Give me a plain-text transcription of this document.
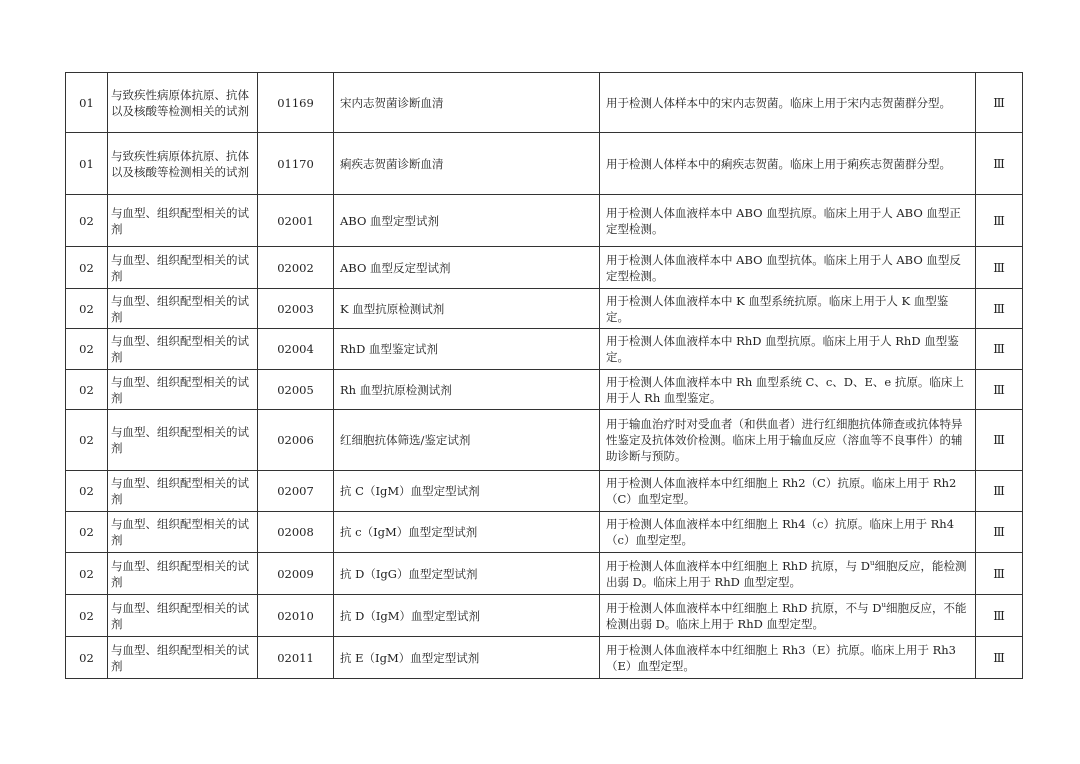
01	与致疾性病原体抗原、抗体以及核酸等检测相关的试剂	01169	宋内志贺菌诊断血清	用于检测人体样本中的宋内志贺菌。临床上用于宋内志贺菌群分型。	Ⅲ
01	与致疾性病原体抗原、抗体以及核酸等检测相关的试剂	01170	痢疾志贺菌诊断血清	用于检测人体样本中的痢疾志贺菌。临床上用于痢疾志贺菌群分型。	Ⅲ
02	与血型、组织配型相关的试剂	02001	ABO 血型定型试剂	用于检测人体血液样本中 ABO 血型抗原。临床上用于人 ABO 血型正定型检测。	Ⅲ
02	与血型、组织配型相关的试剂	02002	ABO 血型反定型试剂	用于检测人体血液样本中 ABO 血型抗体。临床上用于人 ABO 血型反定型检测。	Ⅲ
02	与血型、组织配型相关的试剂	02003	K 血型抗原检测试剂	用于检测人体血液样本中 K 血型系统抗原。临床上用于人 K 血型鉴定。	Ⅲ
02	与血型、组织配型相关的试剂	02004	RhD 血型鉴定试剂	用于检测人体血液样本中 RhD 血型抗原。临床上用于人 RhD 血型鉴定。	Ⅲ
02	与血型、组织配型相关的试剂	02005	Rh 血型抗原检测试剂	用于检测人体血液样本中 Rh 血型系统 C、c、D、E、e 抗原。临床上用于人 Rh 血型鉴定。	Ⅲ
02	与血型、组织配型相关的试剂	02006	红细胞抗体筛选/鉴定试剂	用于输血治疗时对受血者（和供血者）进行红细胞抗体筛查或抗体特异性鉴定及抗体效价检测。临床上用于输血反应（溶血等不良事件）的辅助诊断与预防。	Ⅲ
02	与血型、组织配型相关的试剂	02007	抗 C（IgM）血型定型试剂	用于检测人体血液样本中红细胞上 Rh2（C）抗原。临床上用于 Rh2（C）血型定型。	Ⅲ
02	与血型、组织配型相关的试剂	02008	抗 c（IgM）血型定型试剂	用于检测人体血液样本中红细胞上 Rh4（c）抗原。临床上用于 Rh4（c）血型定型。	Ⅲ
02	与血型、组织配型相关的试剂	02009	抗 D（IgG）血型定型试剂	用于检测人体血液样本中红细胞上 RhD 抗原，与 $D^u$细胞反应，能检测出弱 D。临床上用于 RhD 血型定型。	Ⅲ
02	与血型、组织配型相关的试剂	02010	抗 D（IgM）血型定型试剂	用于检测人体血液样本中红细胞上 RhD 抗原，不与 $D^u$细胞反应，不能检测出弱 D。临床上用于 RhD 血型定型。	Ⅲ
02	与血型、组织配型相关的试剂	02011	抗 E（IgM）血型定型试剂	用于检测人体血液样本中红细胞上 Rh3（E）抗原。临床上用于 Rh3（E）血型定型。	Ⅲ
